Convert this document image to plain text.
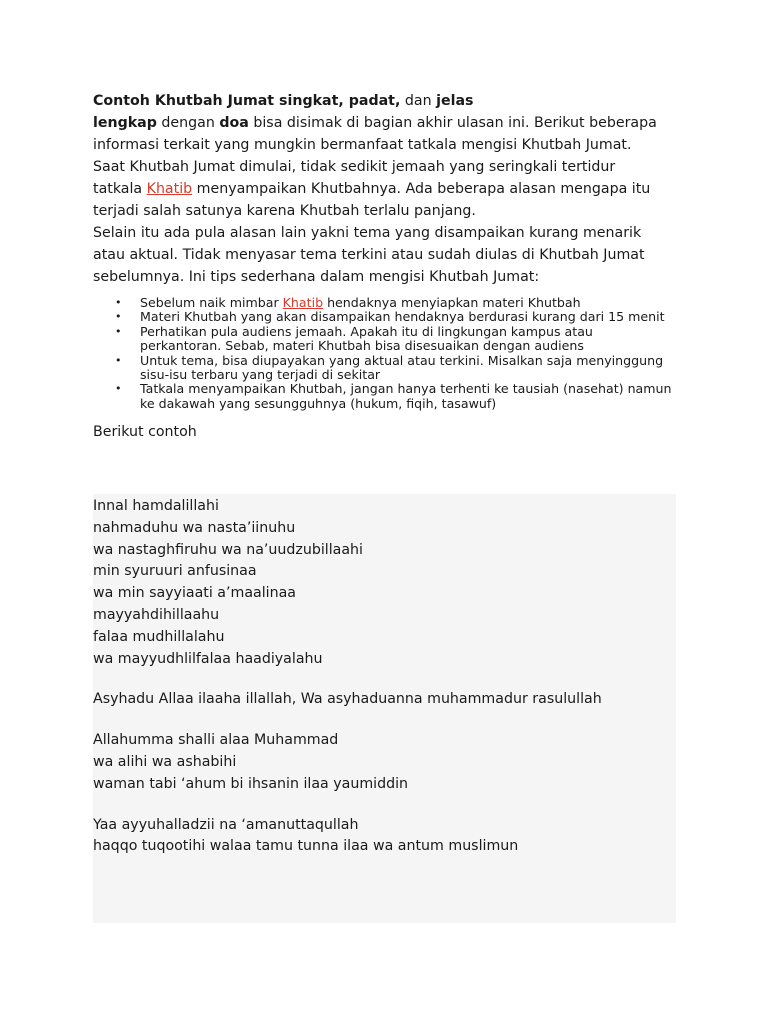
Contoh Khutbah Jumat singkat, padat, dan jelas
lengkap dengan doa bisa disimak di bagian akhir ulasan ini. Berikut beberapa informasi terkait yang mungkin bermanfaat tatkala mengisi Khutbah Jumat.

Saat Khutbah Jumat dimulai, tidak sedikit jemaah yang seringkali tertidur

tatkala Khatib menyampaikan Khutbahnya. Ada beberapa alasan mengapa itu terjadi salah satunya karena Khutbah terlalu panjang.

Selain itu ada pula alasan lain yakni tema yang disampaikan kurang menarik atau aktual. Tidak menyasar tema terkini atau sudah diulas di Khutbah Jumat sebelumnya. Ini tips sederhana dalam mengisi Khutbah Jumat:

• Sebelum naik mimbar Khatib hendaknya menyiapkan materi Khutbah
• Materi Khutbah yang akan disampaikan hendaknya berdurasi kurang dari 15 menit
• Perhatikan pula audiens jemaah. Apakah itu di lingkungan kampus atau perkantoran. Sebab, materi Khutbah bisa disesuaikan dengan audiens
• Untuk tema, bisa diupayakan yang aktual atau terkini. Misalkan saja menyinggung sisu-isu terbaru yang terjadi di sekitar
• Tatkala menyampaikan Khutbah, jangan hanya terhenti ke tausiah (nasehat) namun ke dakawah yang sesungguhnya (hukum, fiqih, tasawuf)
Berikut contoh

Innal hamdalillahi

nahmaduhu wa nasta’iinuhu

wa nastaghfiruhu wa na’uudzubillaahi

min syuruuri anfusinaa

wa min sayyiaati a’maalinaa

mayyahdihillaahu

falaa mudhillalahu

wa mayyudhlilfalaa haadiyalahu

Asyhadu Allaa ilaaha illallah, Wa asyhaduanna muhammadur rasulullah

Allahumma shalli alaa Muhammad

wa alihi wa ashabihi

waman tabi ‘ahum bi ihsanin ilaa yaumiddin

Yaa ayyuhalladzii na ‘amanuttaqullah

haqqo tuqootihi walaa tamu tunna ilaa wa antum muslimun
